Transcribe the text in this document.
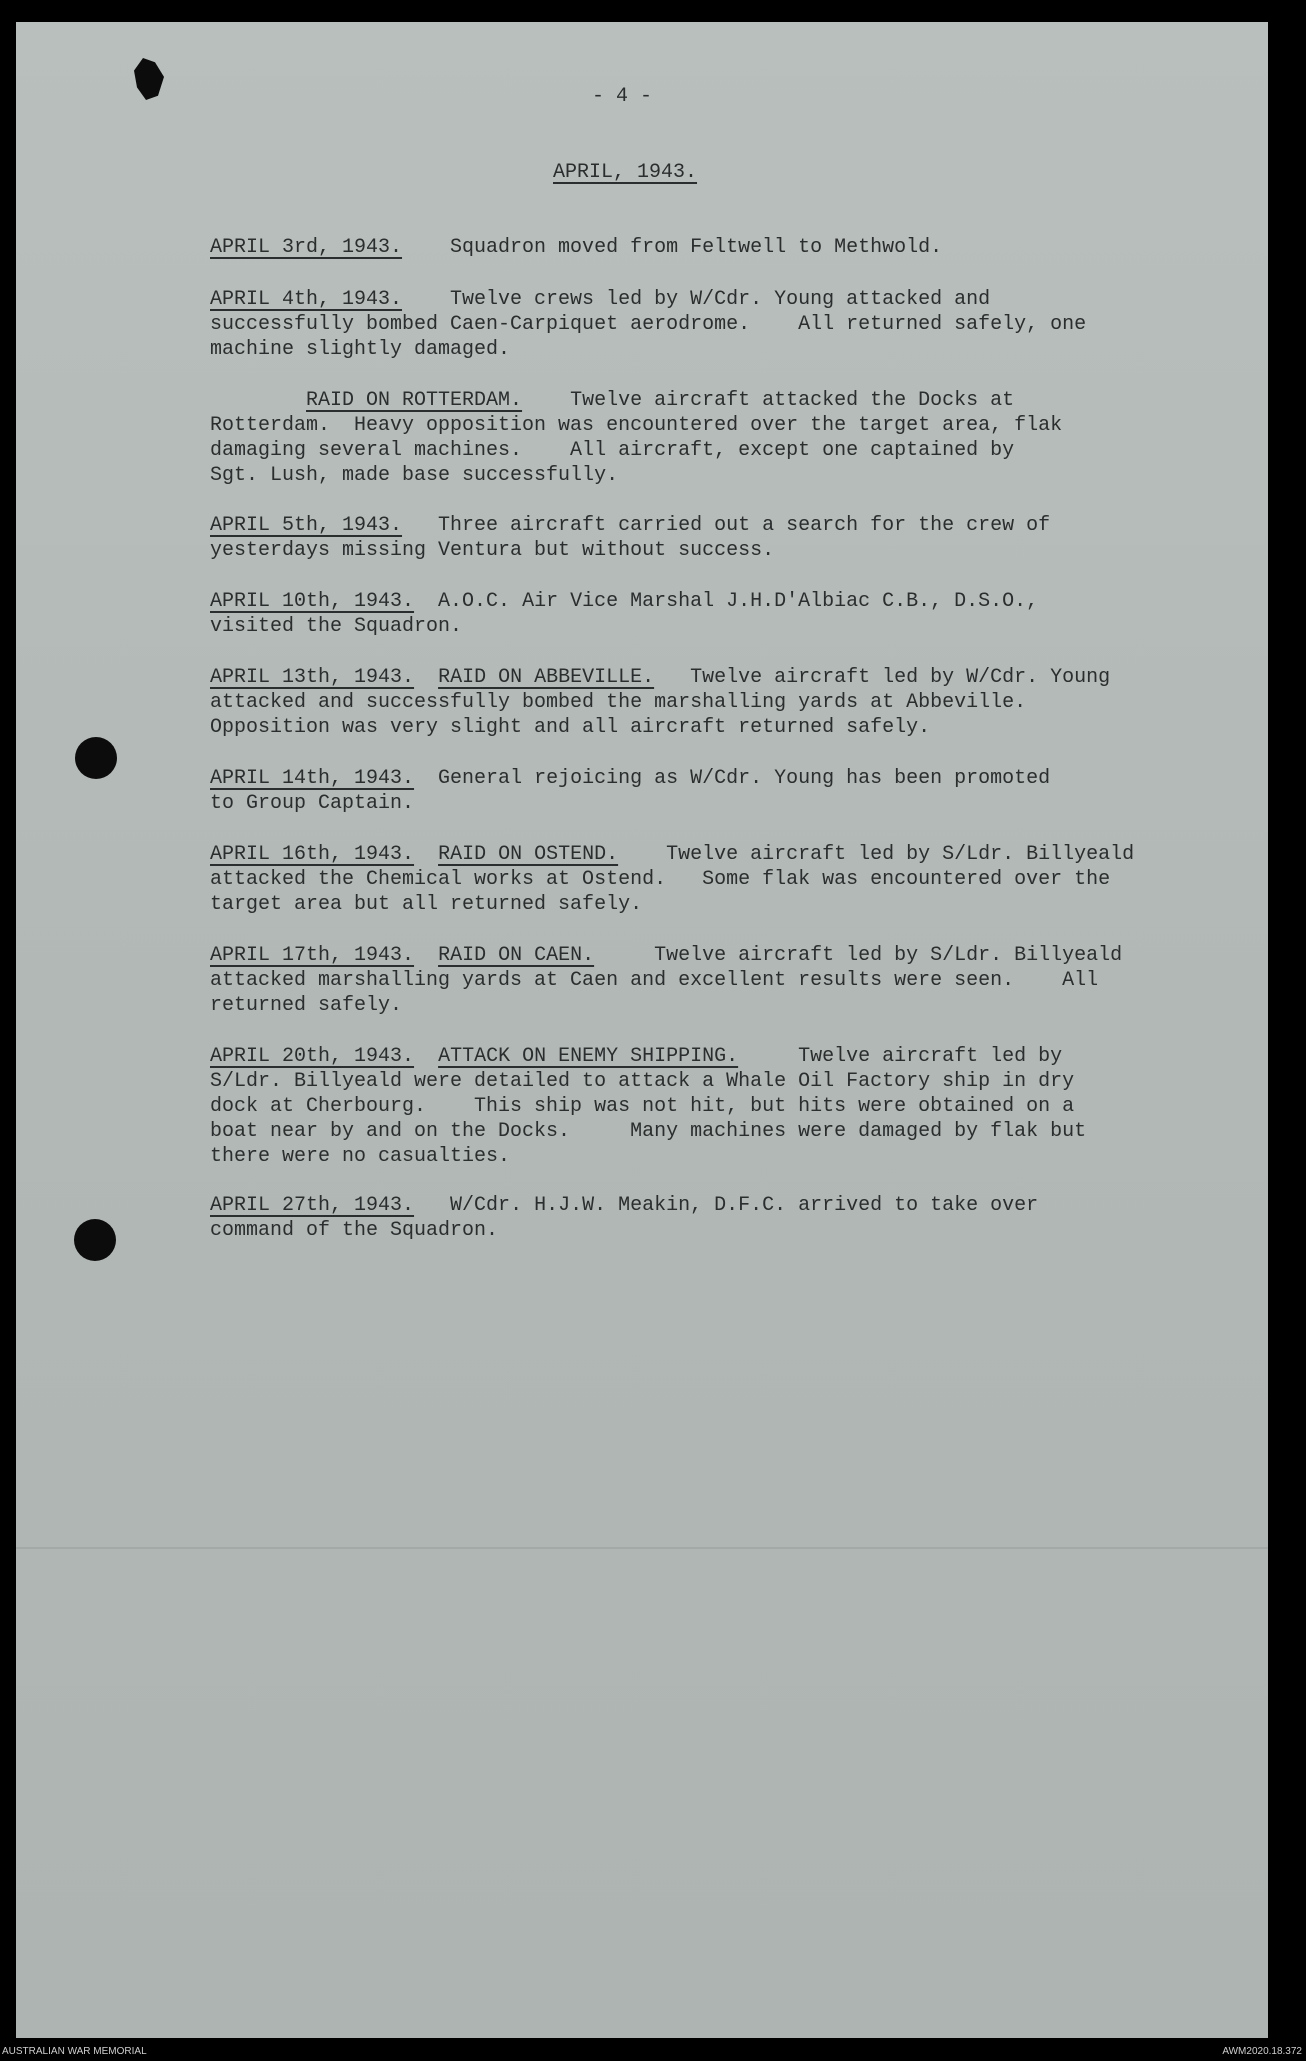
- 4 -
APRIL, 1943.
APRIL 3rd, 1943.    Squadron moved from Feltwell to Methwold.
APRIL 4th, 1943.    Twelve crews led by W/Cdr. Young attacked and
successfully bombed Caen-Carpiquet aerodrome.    All returned safely, one
machine slightly damaged.
RAID ON ROTTERDAM.    Twelve aircraft attacked the Docks at
Rotterdam.  Heavy opposition was encountered over the target area, flak
damaging several machines.    All aircraft, except one captained by
Sgt. Lush, made base successfully.
APRIL 5th, 1943.   Three aircraft carried out a search for the crew of
yesterdays missing Ventura but without success.
APRIL 10th, 1943.  A.O.C. Air Vice Marshal J.H.D'Albiac C.B., D.S.O.,
visited the Squadron.
APRIL 13th, 1943. RAID ON ABBEVILLE.   Twelve aircraft led by W/Cdr. Young
attacked and successfully bombed the marshalling yards at Abbeville.
Opposition was very slight and all aircraft returned safely.
APRIL 14th, 1943.  General rejoicing as W/Cdr. Young has been promoted
to Group Captain.
APRIL 16th, 1943. RAID ON OSTEND.    Twelve aircraft led by S/Ldr. Billyeald
attacked the Chemical works at Ostend.   Some flak was encountered over the
target area but all returned safely.
APRIL 17th, 1943. RAID ON CAEN.     Twelve aircraft led by S/Ldr. Billyeald
attacked marshalling yards at Caen and excellent results were seen.    All
returned safely.
APRIL 20th, 1943. ATTACK ON ENEMY SHIPPING.     Twelve aircraft led by
S/Ldr. Billyeald were detailed to attack a Whale Oil Factory ship in dry
dock at Cherbourg.    This ship was not hit, but hits were obtained on a
boat near by and on the Docks.     Many machines were damaged by flak but
there were no casualties.
APRIL 27th, 1943.   W/Cdr. H.J.W. Meakin, D.F.C. arrived to take over
command of the Squadron.
AUSTRALIAN WAR MEMORIAL	AWM2020.18.372
